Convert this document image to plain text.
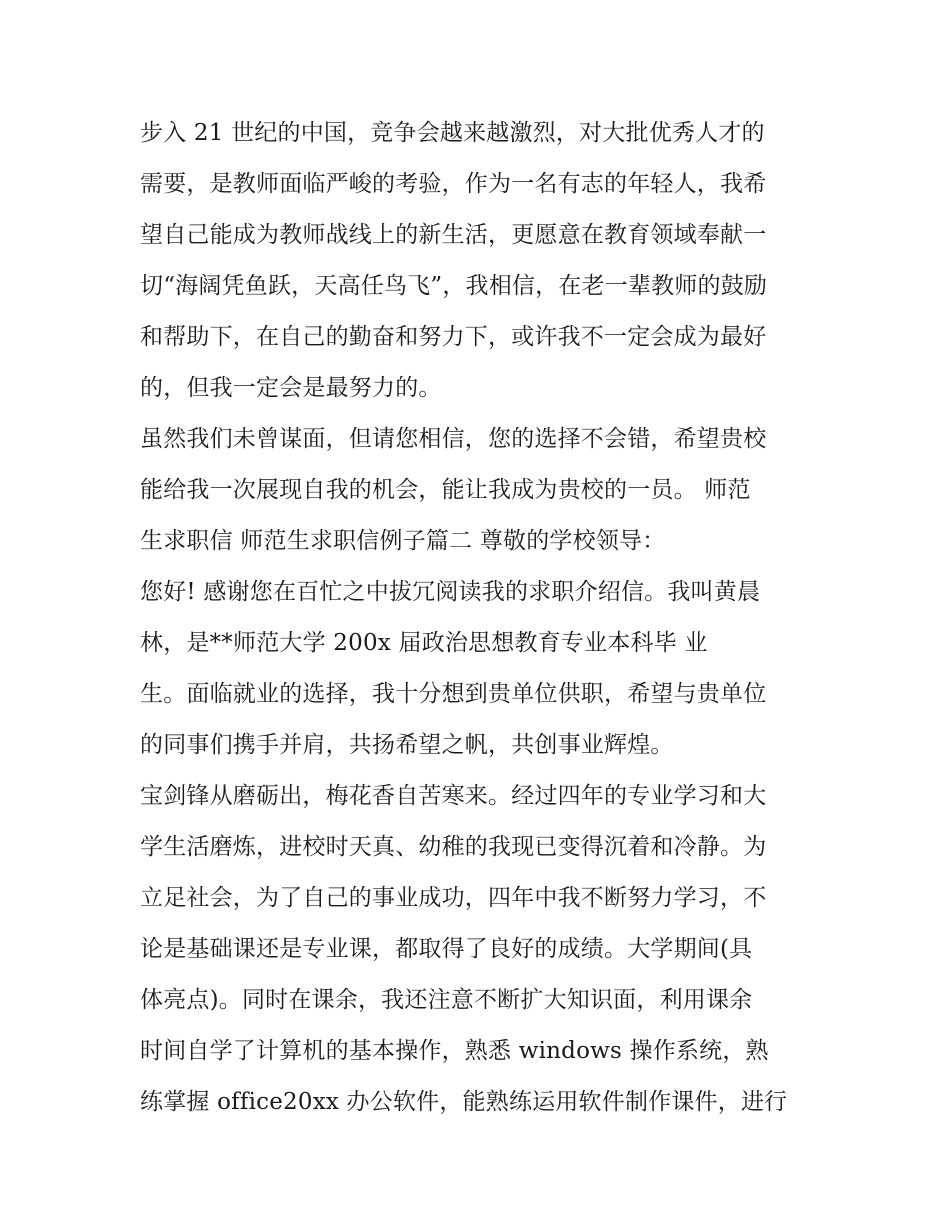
步入 21 世纪的中国，竞争会越来越激烈，对大批优秀人才的
需要，是教师面临严峻的考验，作为一名有志的年轻人，我希
望自己能成为教师战线上的新生活，更愿意在教育领域奉献一
切“海阔凭鱼跃，天高任鸟飞”，我相信，在老一辈教师的鼓励
和帮助下，在自己的勤奋和努力下，或许我不一定会成为最好
的，但我一定会是最努力的。
虽然我们未曾谋面，但请您相信，您的选择不会错，希望贵校
能给我一次展现自我的机会，能让我成为贵校的一员。 师范
生求职信 师范生求职信例子篇二 尊敬的学校领导：
您好! 感谢您在百忙之中拔冗阅读我的求职介绍信。我叫黄晨
林，是**师范大学 200x 届政治思想教育专业本科毕 业
生。面临就业的选择，我十分想到贵单位供职，希望与贵单位
的同事们携手并肩，共扬希望之帆，共创事业辉煌。
宝剑锋从磨砺出，梅花香自苦寒来。经过四年的专业学习和大
学生活磨炼，进校时天真、幼稚的我现已变得沉着和冷静。为
立足社会，为了自己的事业成功，四年中我不断努力学习，不
论是基础课还是专业课，都取得了良好的成绩。大学期间(具
体亮点)。同时在课余，我还注意不断扩大知识面，利用课余
时间自学了计算机的基本操作，熟悉 windows 操作系统，熟
练掌握 office20xx 办公软件，能熟练运用软件制作课件，进行
